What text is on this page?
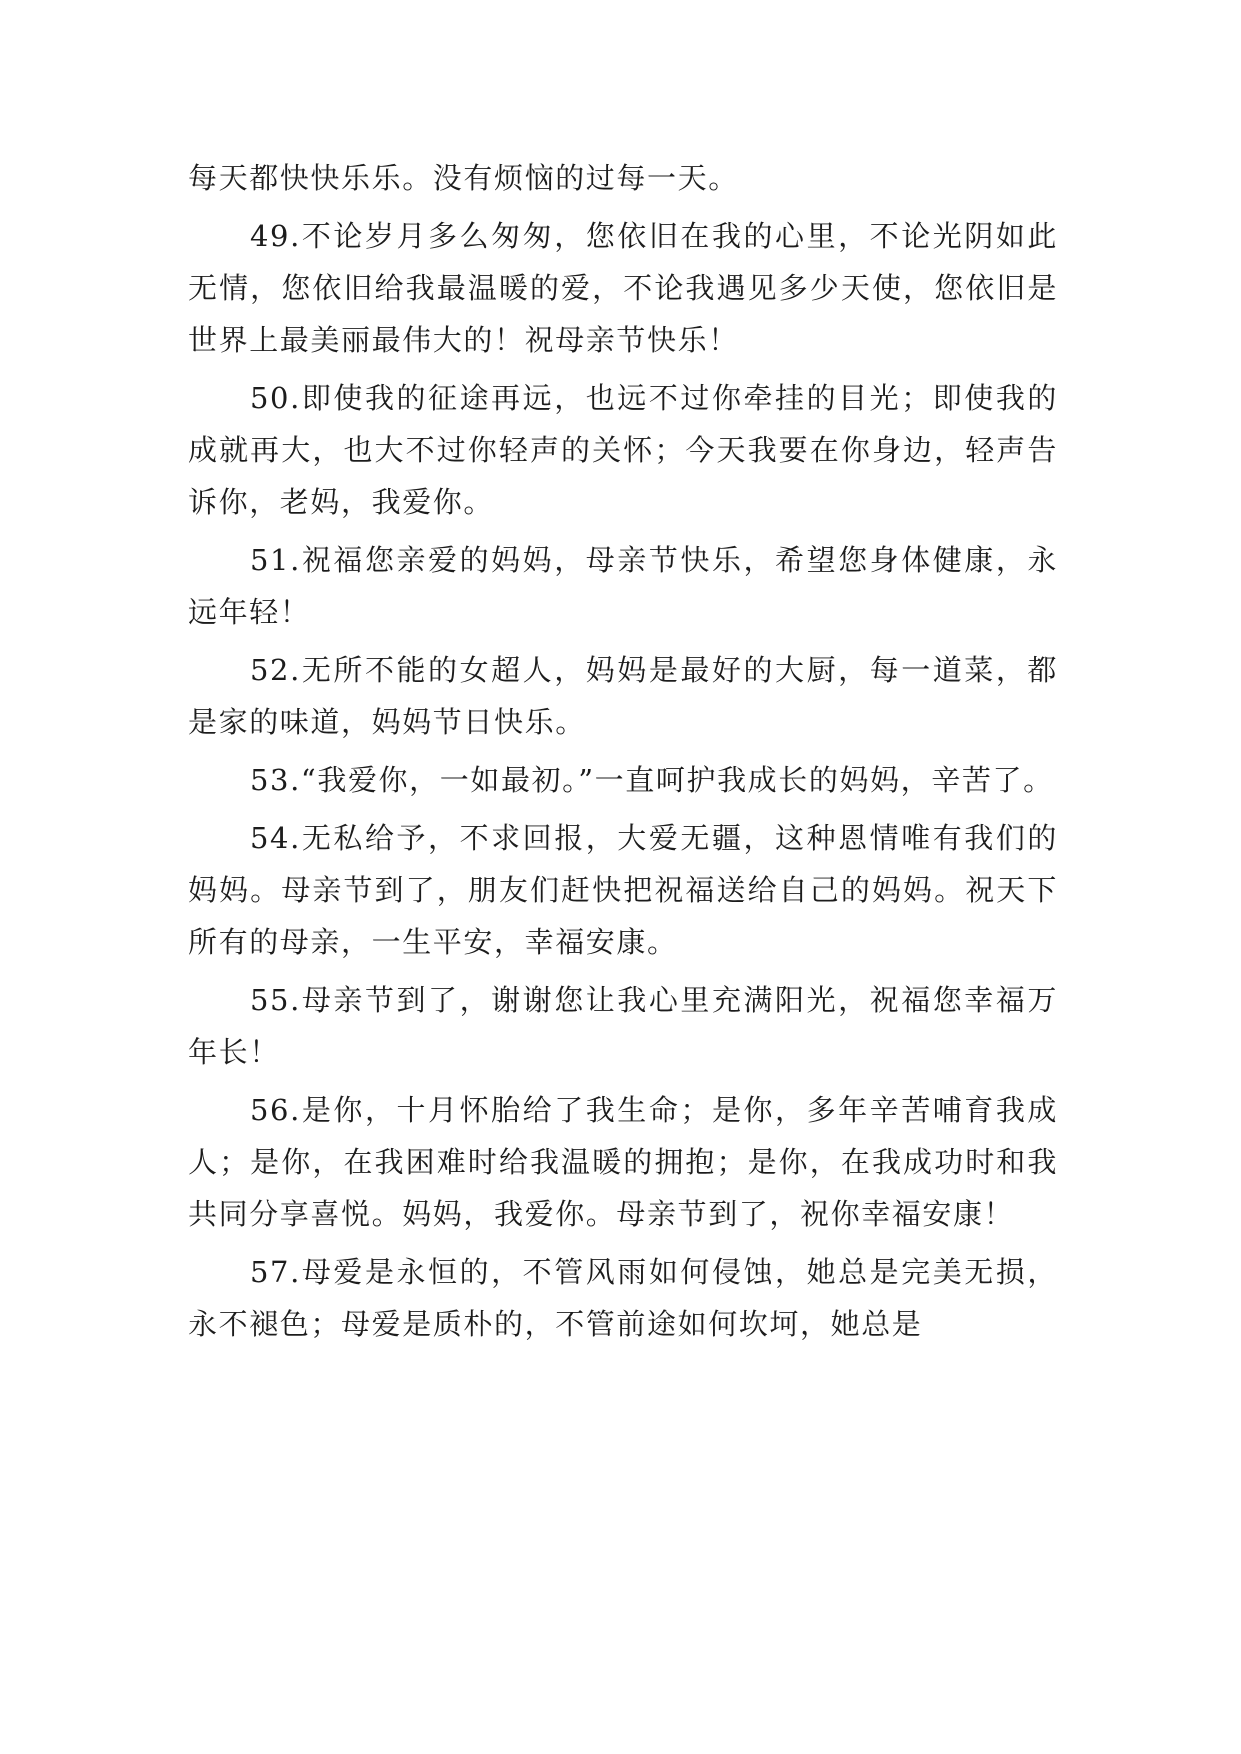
每天都快快乐乐。没有烦恼的过每一天。

49.不论岁月多么匆匆，您依旧在我的心里，不论光阴如此无情，您依旧给我最温暖的爱，不论我遇见多少天使，您依旧是世界上最美丽最伟大的！祝母亲节快乐！

50.即使我的征途再远，也远不过你牵挂的目光；即使我的成就再大，也大不过你轻声的关怀；今天我要在你身边，轻声告诉你，老妈，我爱你。

51.祝福您亲爱的妈妈，母亲节快乐，希望您身体健康，永远年轻！

52.无所不能的女超人，妈妈是最好的大厨，每一道菜，都是家的味道，妈妈节日快乐。

53.“我爱你，一如最初。”一直呵护我成长的妈妈，辛苦了。

54.无私给予，不求回报，大爱无疆，这种恩情唯有我们的妈妈。母亲节到了，朋友们赶快把祝福送给自己的妈妈。祝天下所有的母亲，一生平安，幸福安康。

55.母亲节到了，谢谢您让我心里充满阳光，祝福您幸福万年长！

56.是你，十月怀胎给了我生命；是你，多年辛苦哺育我成人；是你，在我困难时给我温暖的拥抱；是你，在我成功时和我共同分享喜悦。妈妈，我爱你。母亲节到了，祝你幸福安康！

57.母爱是永恒的，不管风雨如何侵蚀，她总是完美无损，永不褪色；母爱是质朴的，不管前途如何坎坷，她总是
